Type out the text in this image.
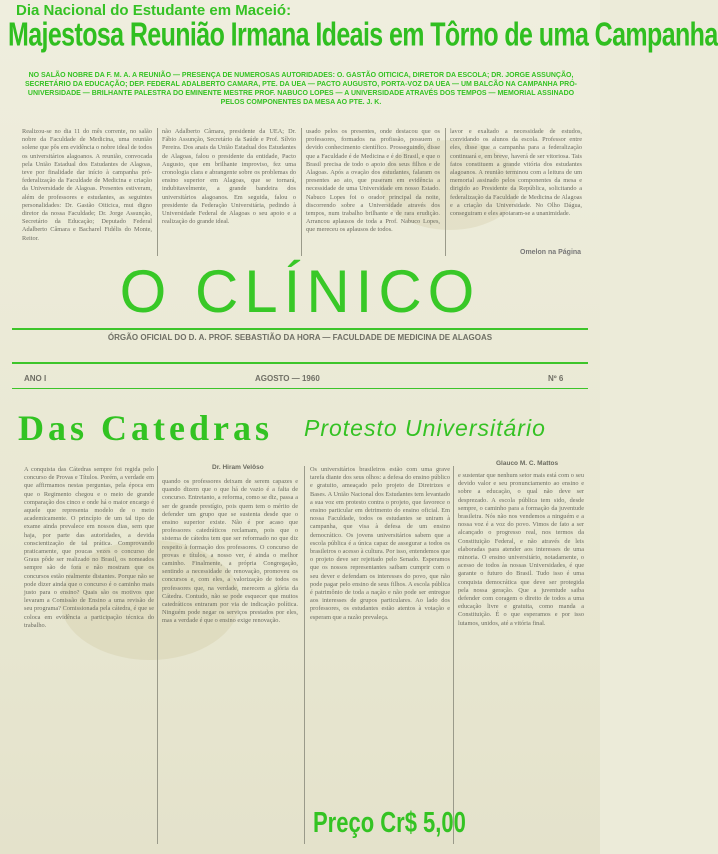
Dia Nacional do Estudante em Maceió:
Majestosa Reunião Irmana Ideais em Tôrno de uma Campanha
NO SALÃO NOBRE DA F. M. A. A REUNIÃO — PRESENÇA DE NUMEROSAS AUTORIDADES: O. GASTÃO OITICICA, DIRETOR DA ESCOLA; DR. JORGE ASSUNÇÃO, SECRETÁRIO DA EDUCAÇÃO; DEP. FEDERAL ADALBERTO CAMARA, PTE. DA UEA — PACTO AUGUSTO, PORTA-VOZ DA UEA — UM BALCÃO NA CAMPANHA PRÓ-UNIVERSIDADE — BRILHANTE PALESTRA DO EMINENTE MESTRE PROF. NABUCO LOPES — A UNIVERSIDADE ATRAVÉS DOS TEMPOS — MEMORIAL ASSINADO PELOS COMPONENTES DA MESA AO PTE. J. K.
Realizou-se no dia 11 do mês corrente, no salão nobre da Faculdade de Medicina, uma reunião solene que pôs em evidência o nobre ideal de todos os universitários alagoanos. A reunião, convocada pela União Estadual dos Estudantes de Alagoas, teve por finalidade dar início à campanha pró-federalização da Faculdade de Medicina e criação da Universidade de Alagoas. Presentes estiveram, além de professores e estudantes, as seguintes personalidades: Dr. Gastão Oiticica, mui digno diretor da nossa Faculdade; Dr. Jorge Assunção, Secretário da Educação; Deputado Federal Adalberto Câmara e Bacharel Fidélis do Monte, Reitor.
não Adalberto Câmara, presidente da UEA; Dr. Fábio Assunção, Secretário da Saúde e Prof. Sílvio Pereira. Dos anais da União Estadual dos Estudantes de Alagoas, falou o presidente da entidade, Pacto Augusto, que em brilhante improviso, fez uma cronologia clara e abrangente sobre os problemas do ensino superior em Alagoas, que se tornará, indubitavelmente, a grande bandeira dos universitários alagoanos. Em seguida, falou o presidente da Federação Universitária, pedindo à Universidade Federal de Alagoas o seu apoio e a realização do grande ideal.
usado pelos os presentes, onde destacou que os professores, formados na profissão, possuem o devido conhecimento científico. Prosseguindo, disse que a Faculdade é de Medicina e é do Brasil, e que o Brasil precisa de todo o apoio dos seus filhos e de Alagoas. Após a ovação dos estudantes, falaram os presentes ao ato, que puseram em evidência a necessidade de uma Universidade em nosso Estado. Nabuco Lopes foi o orador principal da noite, discorrendo sobre a Universidade através dos tempos, num trabalho brilhante e de rara erudição. Arrancou aplausos de toda a Prof. Nabuco Lopes, que mereceu os aplausos de todos.
lavor e exaltado a necessidade de estudos, convidando os alunos da escola. Professor entre eles, disse que a campanha para a federalização continuará e, em breve, haverá de ser vitoriosa. Tais fatos constituem a grande vitória dos estudantes alagoanos. A reunião terminou com a leitura de um memorial assinado pelos componentes da mesa e dirigido ao Presidente da República, solicitando a federalização da Faculdade de Medicina de Alagoas e a criação da Universidade. No Olho Dágua, conseguiram e eles apoiaram-se a unanimidade.
Omelon na Página
O CLÍNICO
ÓRGÃO OFICIAL DO D. A. PROF. SEBASTIÃO DA HORA — FACULDADE DE MEDICINA DE ALAGOAS
ANO I	AGOSTO — 1960	Nº 6
Das Catedras Protesto Universitário
Dr. Hiram Velôso
Glauco M. C. Mattos
A conquista das Cátedras sempre foi regida pelo concurso de Provas e Títulos. Porém, a verdade em que affirmamos nestas perguntas, pela época em que o Regimento chegou e o meio de grande comparação dos cinco e onde há o maior encargo é aquele que representa modelo de o meio academicamente. O princípio de um tal tipo de exame ainda prevalece em nossos dias, sem que haja, por parte das autoridades, a devida conscientização de tal prática. Comprovando praticamente, que poucas vezes o concurso de Graus pôde ser realizado no Brasil, os nomeados sempre são de fora e não mostram que os concursos estão realmente distantes. Porque não se pode dizer ainda que o concurso é o caminho mais justo para o ensino? Quais são os motivos que levaram a Comissão de Ensino a uma revisão de seu programa? Comissionada pela cátedra, é que se coloca em evidência a participação técnica do trabalho.
quando os professores deixam de serem capazes e quando dizem que o que há de vazio é a falta de concurso. Entretanto, a reforma, como se diz, passa a ser de grande prestígio, pois quem tem o mérito de defender um grupo que se sustenta desde que o ensino superior existe. Não é por acaso que professores catedráticos reclamam, pois que o sistema de cátedra tem que ser reformado no que diz respeito à formação dos professores. O concurso de provas e títulos, a nosso ver, é ainda o melhor caminho. Finalmente, a própria Congregação, sentindo a necessidade de renovação, promoveu os concursos e, com eles, a valorização de todos os professores que, na verdade, merecem a glória da Cátedra. Contudo, não se pode esquecer que muitos catedráticos entraram por via de indicação política. Ninguém pode negar os serviços prestados por eles, mas a verdade é que o ensino exige renovação.
Os universitários brasileiros estão com uma grave tarefa diante dos seus olhos: a defesa do ensino público e gratuito, ameaçado pelo projeto de Diretrizes e Bases. A União Nacional dos Estudantes tem levantado a sua voz em protesto contra o projeto, que favorece o ensino particular em detrimento do ensino oficial. Em nossa Faculdade, todos os estudantes se uniram à campanha, que visa à defesa de um ensino democrático. Os jovens universitários sabem que a escola pública é a única capaz de assegurar a todos os brasileiros o acesso à cultura. Por isso, entendemos que o projeto deve ser rejeitado pelo Senado. Esperamos que os nossos representantes saibam cumprir com o seu dever e defendam os interesses do povo, que não pode pagar pelo ensino de seus filhos. A escola pública é patrimônio de toda a nação e não pode ser entregue aos interesses de grupos particulares. Ao lado dos professores, os estudantes estão atentos à votação e esperam que a razão prevaleça.
e sustentar que nenhum setor mais está com o seu devido valor e seu pronunciamento ao ensino e sobre a educação, o qual não deve ser desprezado. A escola pública tem sido, desde sempre, o caminho para a formação da juventude brasileira. Nós não nos vendemos a ninguém e a nossa voz é a voz do povo. Vimos de fato a ser alcançado o progresso real, nos termos da Constituição Federal, e não através de leis elaboradas para atender aos interesses de uma minoria. O ensino universitário, notadamente, o acesso de todos às nossas Universidades, é que garante o futuro do Brasil. Tudo isso é uma conquista democrática que deve ser protegida pela nossa geração. Que a juventude saiba defender com coragem o direito de todos a uma educação livre e gratuita, como manda a Constituição. É o que esperamos e por isso lutamos, unidos, até a vitória final.
Preço Cr$ 5,00
